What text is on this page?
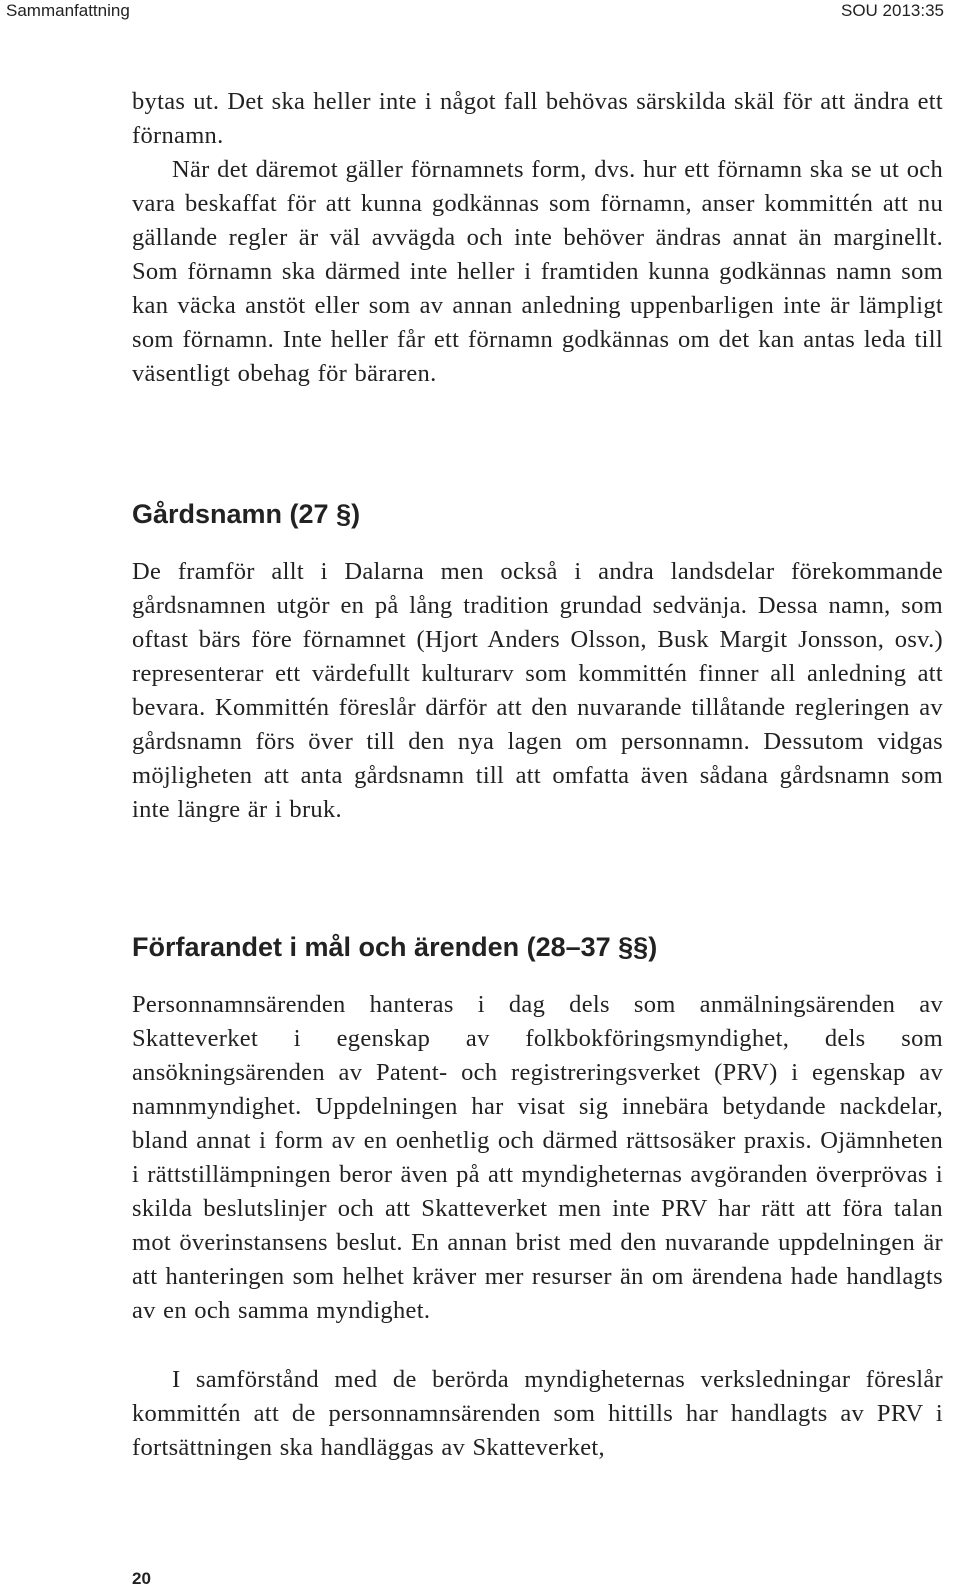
Sammanfattning	SOU 2013:35

bytas ut. Det ska heller inte i något fall behövas särskilda skäl för att ändra ett förnamn.

När det däremot gäller förnamnets form, dvs. hur ett förnamn ska se ut och vara beskaffat för att kunna godkännas som förnamn, anser kommittén att nu gällande regler är väl avvägda och inte behöver ändras annat än marginellt. Som förnamn ska därmed inte heller i framtiden kunna godkännas namn som kan väcka anstöt eller som av annan anledning uppenbarligen inte är lämpligt som förnamn. Inte heller får ett förnamn godkännas om det kan antas leda till väsentligt obehag för bäraren.

Gårdsnamn (27 §)

De framför allt i Dalarna men också i andra landsdelar förekommande gårdsnamnen utgör en på lång tradition grundad sedvänja. Dessa namn, som oftast bärs före förnamnet (Hjort Anders Olsson, Busk Margit Jonsson, osv.) representerar ett värdefullt kulturarv som kommittén finner all anledning att bevara. Kommittén föreslår därför att den nuvarande tillåtande regleringen av gårdsnamn förs över till den nya lagen om personnamn. Dessutom vidgas möjligheten att anta gårdsnamn till att omfatta även sådana gårdsnamn som inte längre är i bruk.

Förfarandet i mål och ärenden (28–37 §§)

Personnamnsärenden hanteras i dag dels som anmälningsärenden av Skatteverket i egenskap av folkbokföringsmyndighet, dels som ansökningsärenden av Patent- och registreringsverket (PRV) i egenskap av namnmyndighet. Uppdelningen har visat sig innebära betydande nackdelar, bland annat i form av en oenhetlig och därmed rättsosäker praxis. Ojämnheten i rättstillämpningen beror även på att myndigheternas avgöranden överprövas i skilda beslutslinjer och att Skatteverket men inte PRV har rätt att föra talan mot överinstansens beslut. En annan brist med den nuvarande uppdelningen är att hanteringen som helhet kräver mer resurser än om ärendena hade handlagts av en och samma myndighet.

I samförstånd med de berörda myndigheternas verksledningar föreslår kommittén att de personnamnsärenden som hittills har handlagts av PRV i fortsättningen ska handläggas av Skatteverket,

20
